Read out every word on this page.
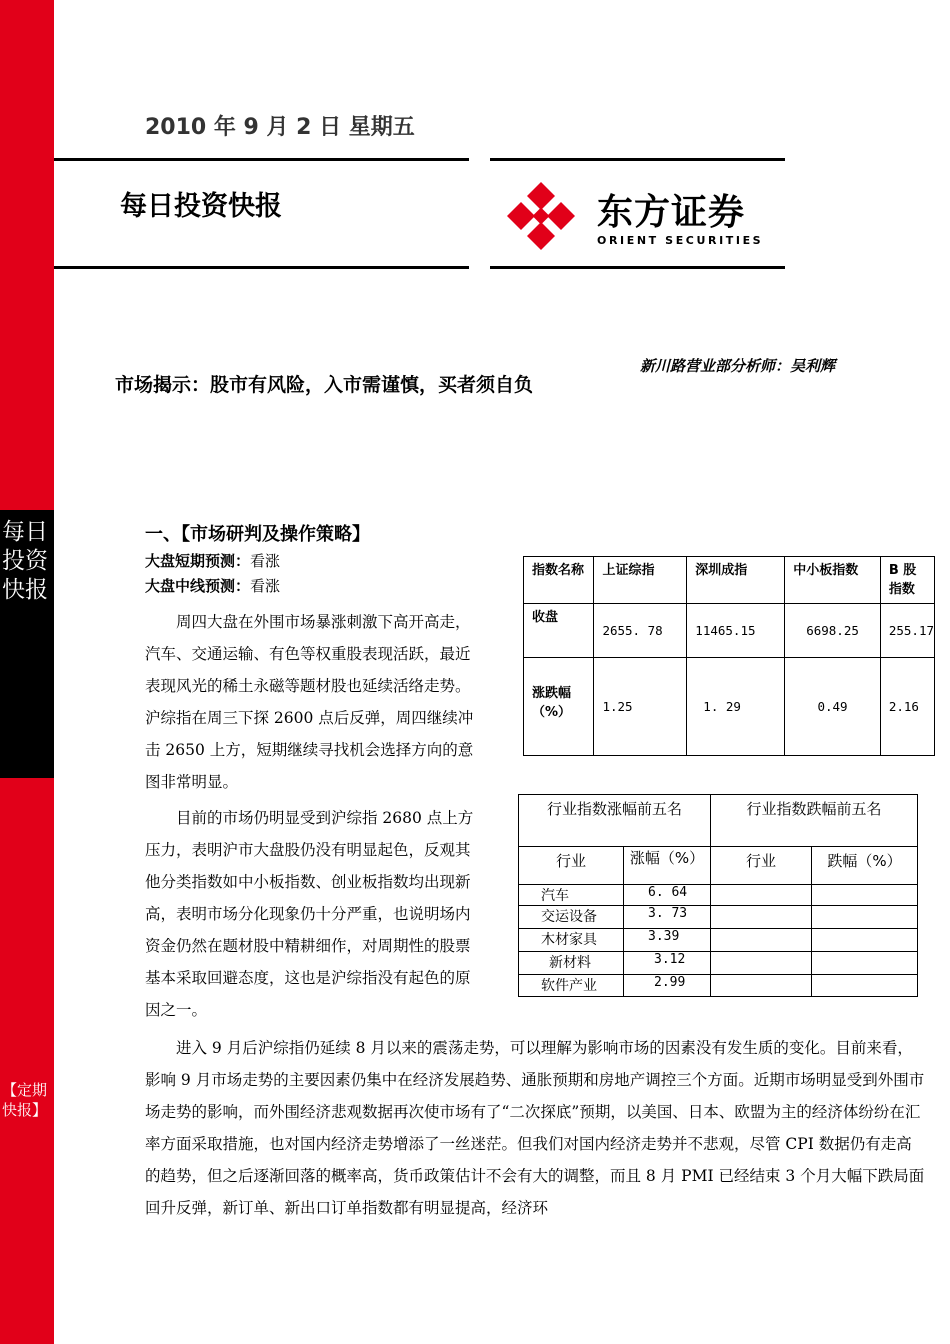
每日投资快报
【定期快报】
2010 年 9 月 2 日 星期五
每日投资快报	东方证券
ORIENT SECURITIES
市场揭示：股市有风险，入市需谨慎，买者须自负
新川路营业部分析师：吴利辉
一、【市场研判及操作策略】
大盘短期预测：看涨
大盘中线预测：看涨
周四大盘在外围市场暴涨刺激下高开高走，汽车、交通运输、有色等权重股表现活跃，最近表现风光的稀土永磁等题材股也延续活络走势。沪综指在周三下探 2600 点后反弹，周四继续冲击 2650 上方，短期继续寻找机会选择方向的意图非常明显。
目前的市场仍明显受到沪综指 2680 点上方压力，表明沪市大盘股仍没有明显起色，反观其他分类指数如中小板指数、创业板指数均出现新高，表明市场分化现象仍十分严重，也说明场内资金仍然在题材股中精耕细作，对周期性的股票基本采取回避态度，这也是沪综指没有起色的原因之一。
进入 9 月后沪综指仍延续 8 月以来的震荡走势，可以理解为影响市场的因素没有发生质的变化。目前来看，影响 9 月市场走势的主要因素仍集中在经济发展趋势、通胀预期和房地产调控三个方面。近期市场明显受到外围市场走势的影响，而外围经济悲观数据再次使市场有了“二次探底”预期，以美国、日本、欧盟为主的经济体纷纷在汇率方面采取措施，也对国内经济走势增添了一丝迷茫。但我们对国内经济走势并不悲观，尽管 CPI 数据仍有走高的趋势，但之后逐渐回落的概率高，货币政策估计不会有大的调整，而且 8 月 PMI 已经结束 3 个月大幅下跌局面回升反弹，新订单、新出口订单指数都有明显提高，经济环
指数名称	上证综指	深圳成指	中小板指数	B 股指数
收盘	2655. 78	11465.15	6698.25	255.17
涨跌幅（%）	1.25	1. 29	0.49	2.16
行业指数涨幅前五名		行业指数跌幅前五名	
行业	涨幅（%）	行业	跌幅（%）
汽车	6. 64		
交运设备	3. 73		
木材家具	3.39		
新材料	3.12		
软件产业	2.99		
